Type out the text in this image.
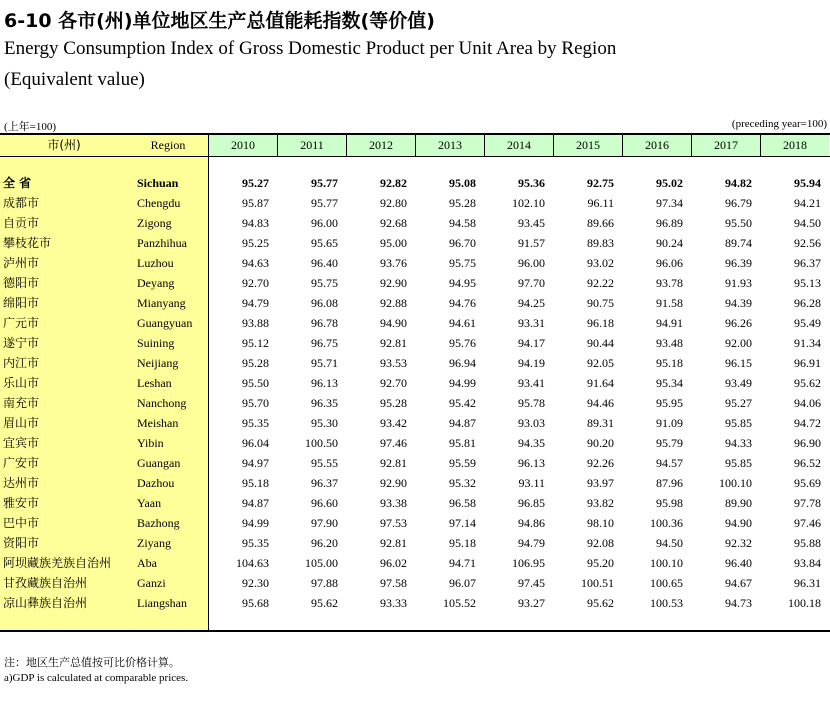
6-10 各市(州)单位地区生产总值能耗指数(等价值)
Energy Consumption Index of Gross Domestic Product per Unit Area by Region
(Equivalent value)
(上年=100)	(preceding year=100)
市(州)	Region	2010	2011	2012	2013	2014	2015	2016	2017	2018
全 省	Sichuan	95.27	95.77	92.82	95.08	95.36	92.75	95.02	94.82	95.94
成都市	Chengdu	95.87	95.77	92.80	95.28	102.10	96.11	97.34	96.79	94.21
自贡市	Zigong	94.83	96.00	92.68	94.58	93.45	89.66	96.89	95.50	94.50
攀枝花市	Panzhihua	95.25	95.65	95.00	96.70	91.57	89.83	90.24	89.74	92.56
泸州市	Luzhou	94.63	96.40	93.76	95.75	96.00	93.02	96.06	96.39	96.37
德阳市	Deyang	92.70	95.75	92.90	94.95	97.70	92.22	93.78	91.93	95.13
绵阳市	Mianyang	94.79	96.08	92.88	94.76	94.25	90.75	91.58	94.39	96.28
广元市	Guangyuan	93.88	96.78	94.90	94.61	93.31	96.18	94.91	96.26	95.49
遂宁市	Suining	95.12	96.75	92.81	95.76	94.17	90.44	93.48	92.00	91.34
内江市	Neijiang	95.28	95.71	93.53	96.94	94.19	92.05	95.18	96.15	96.91
乐山市	Leshan	95.50	96.13	92.70	94.99	93.41	91.64	95.34	93.49	95.62
南充市	Nanchong	95.70	96.35	95.28	95.42	95.78	94.46	95.95	95.27	94.06
眉山市	Meishan	95.35	95.30	93.42	94.87	93.03	89.31	91.09	95.85	94.72
宜宾市	Yibin	96.04	100.50	97.46	95.81	94.35	90.20	95.79	94.33	96.90
广安市	Guangan	94.97	95.55	92.81	95.59	96.13	92.26	94.57	95.85	96.52
达州市	Dazhou	95.18	96.37	92.90	95.32	93.11	93.97	87.96	100.10	95.69
雅安市	Yaan	94.87	96.60	93.38	96.58	96.85	93.82	95.98	89.90	97.78
巴中市	Bazhong	94.99	97.90	97.53	97.14	94.86	98.10	100.36	94.90	97.46
资阳市	Ziyang	95.35	96.20	92.81	95.18	94.79	92.08	94.50	92.32	95.88
阿坝藏族羌族自治州 Aba	104.63	105.00	96.02	94.71	106.95	95.20	100.10	96.40	93.84
甘孜藏族自治州	Ganzi	92.30	97.88	97.58	96.07	97.45	100.51	100.65	94.67	96.31
凉山彝族自治州	Liangshan	95.68	95.62	93.33	105.52	93.27	95.62	100.53	94.73	100.18
注：地区生产总值按可比价格计算。
a)GDP is calculated at comparable prices.
